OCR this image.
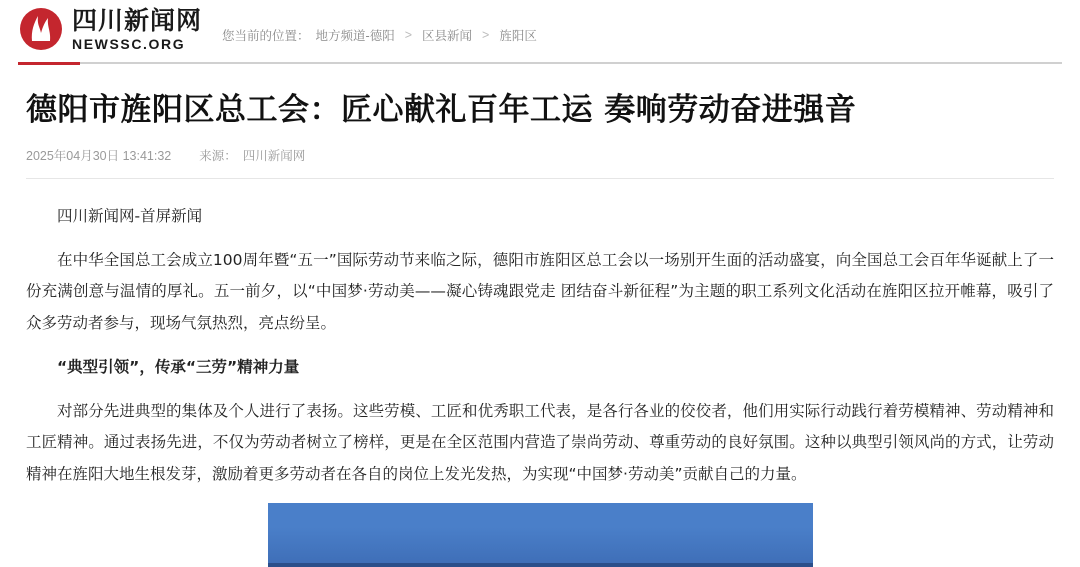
四川新闻网
NEWSSC.ORG	您当前的位置： 地方频道-德阳 > 区县新闻 > 旌阳区
德阳市旌阳区总工会：匠心献礼百年工运 奏响劳动奋进强音
2025年04月30日 13:41:32 来源： 四川新闻网

四川新闻网-首屏新闻

在中华全国总工会成立100周年暨“五一”国际劳动节来临之际，德阳市旌阳区总工会以一场别开生面的活动盛宴，向全国总工会百年华诞献上了一份充满创意与温情的厚礼。五一前夕，以“中国梦·劳动美——凝心铸魂跟党走 团结奋斗新征程”为主题的职工系列文化活动在旌阳区拉开帷幕，吸引了众多劳动者参与，现场气氛热烈，亮点纷呈。

“典型引领”，传承“三劳”精神力量

对部分先进典型的集体及个人进行了表扬。这些劳模、工匠和优秀职工代表，是各行各业的佼佼者，他们用实际行动践行着劳模精神、劳动精神和工匠精神。通过表扬先进，不仅为劳动者树立了榜样，更是在全区范围内营造了崇尚劳动、尊重劳动的良好氛围。这种以典型引领风尚的方式，让劳动精神在旌阳大地生根发芽，激励着更多劳动者在各自的岗位上发光发热，为实现“中国梦·劳动美”贡献自己的力量。
